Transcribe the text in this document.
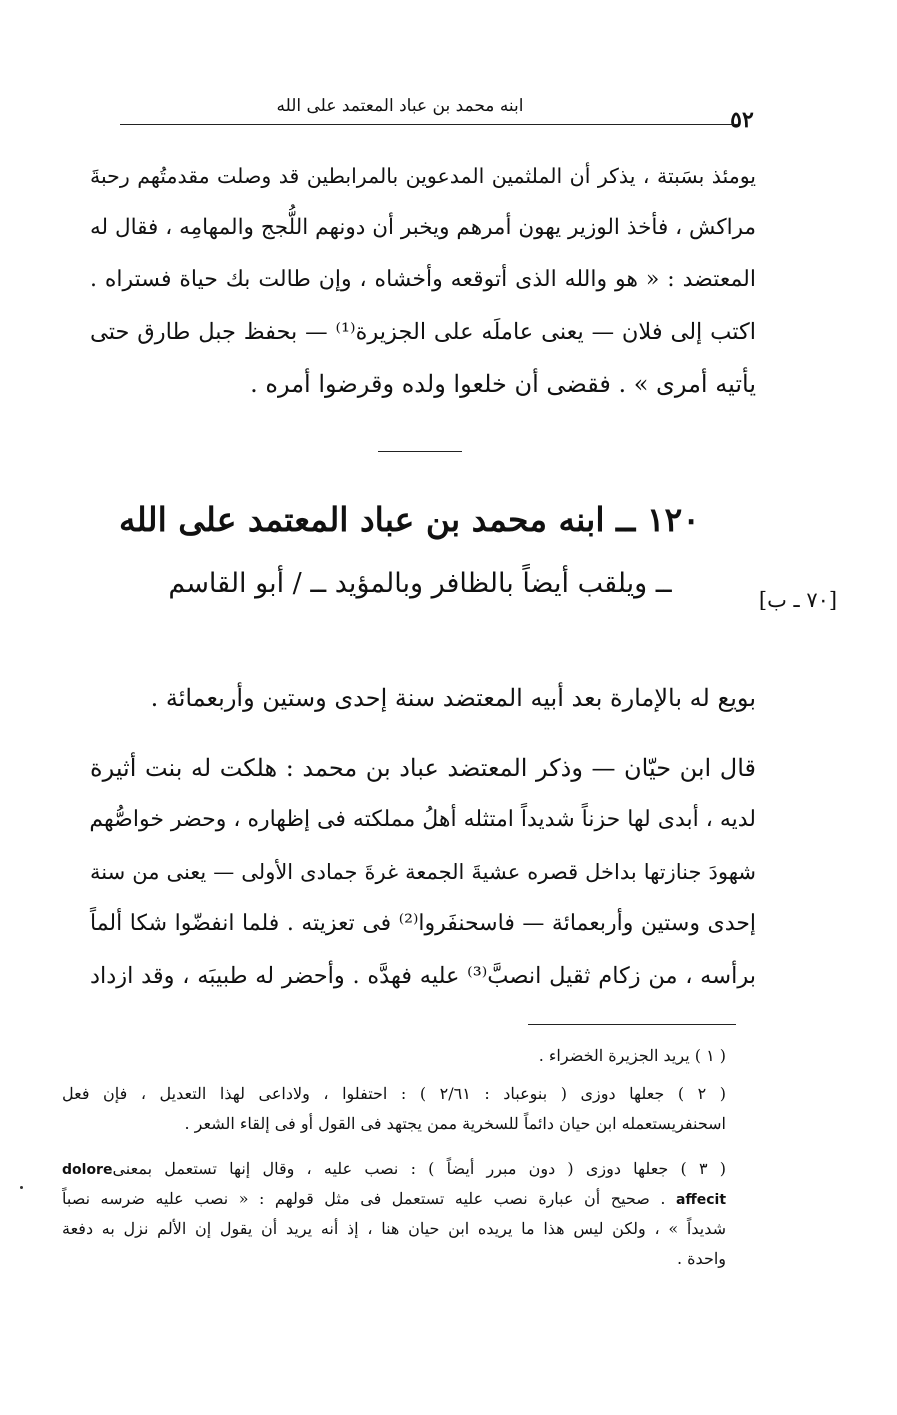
ابنه محمد بن عباد المعتمد على الله
٥٢
يومئذ بسَبتة ، يذكر أن الملثمين المدعوين بالمرابطين قد وصلت مقدمتُهم رحبةَ
مراكش ، فأخذ الوزير يهون أمرهم ويخبر أن دونهم اللُّجج والمهامِه ، فقال له
المعتضد : « هو والله الذى أتوقعه وأخشاه ، وإن طالت بك حياة فستراه .
اكتب إلى فلان — يعنى عاملَه على الجزيرة⁽¹⁾ — بحفظ جبل طارق حتى
يأتيه أمرى » . فقضى أن خلعوا ولده وقرضوا أمره .
١٢٠ ــ ابنه محمد بن عباد المعتمد على الله
ــ ويلقب أيضاً بالظافر وبالمؤيد ــ / أبو القاسم
[٧٠ ـ ب]
بويع له بالإمارة بعد أبيه المعتضد سنة إحدى وستين وأربعمائة .
قال ابن حيّان — وذكر المعتضد عباد بن محمد : هلكت له بنت أثيرة
لديه ، أبدى لها حزناً شديداً امتثله أهلُ مملكته فى إظهاره ، وحضر خواصُّهم
شهودَ جنازتها بداخل قصره عشيةَ الجمعة غرةَ جمادى الأولى — يعنى من سنة
إحدى وستين وأربعمائة — فاسحنفَروا⁽²⁾ فى تعزيته . فلما انفضّوا شكا ألماً
برأسه ، من زكام ثقيل انصبَّ⁽³⁾ عليه فهدَّه . وأحضر له طبيبَه ، وقد ازداد
( ١ ) يريد الجزيرة الخضراء .
( ٢ ) جعلها دوزى ( بنوعباد : ٢/٦١ ) : احتفلوا ، ولاداعى لهذا التعديل ، فإن فعل
اسحنفريستعمله ابن حيان دائماً للسخرية ممن يجتهد فى القول أو فى إلقاء الشعر .
( ٣ ) جعلها دوزى ( دون مبرر أيضاً ) : نصب عليه ، وقال إنها تستعمل بمعنىdolore
affecit . صحيح أن عبارة نصب عليه تستعمل فى مثل قولهم : « نصب عليه ضرسه نصباً
شديداً » ، ولكن ليس هذا ما يريده ابن حيان هنا ، إذ أنه يريد أن يقول إن الألم نزل به دفعة
واحدة .
